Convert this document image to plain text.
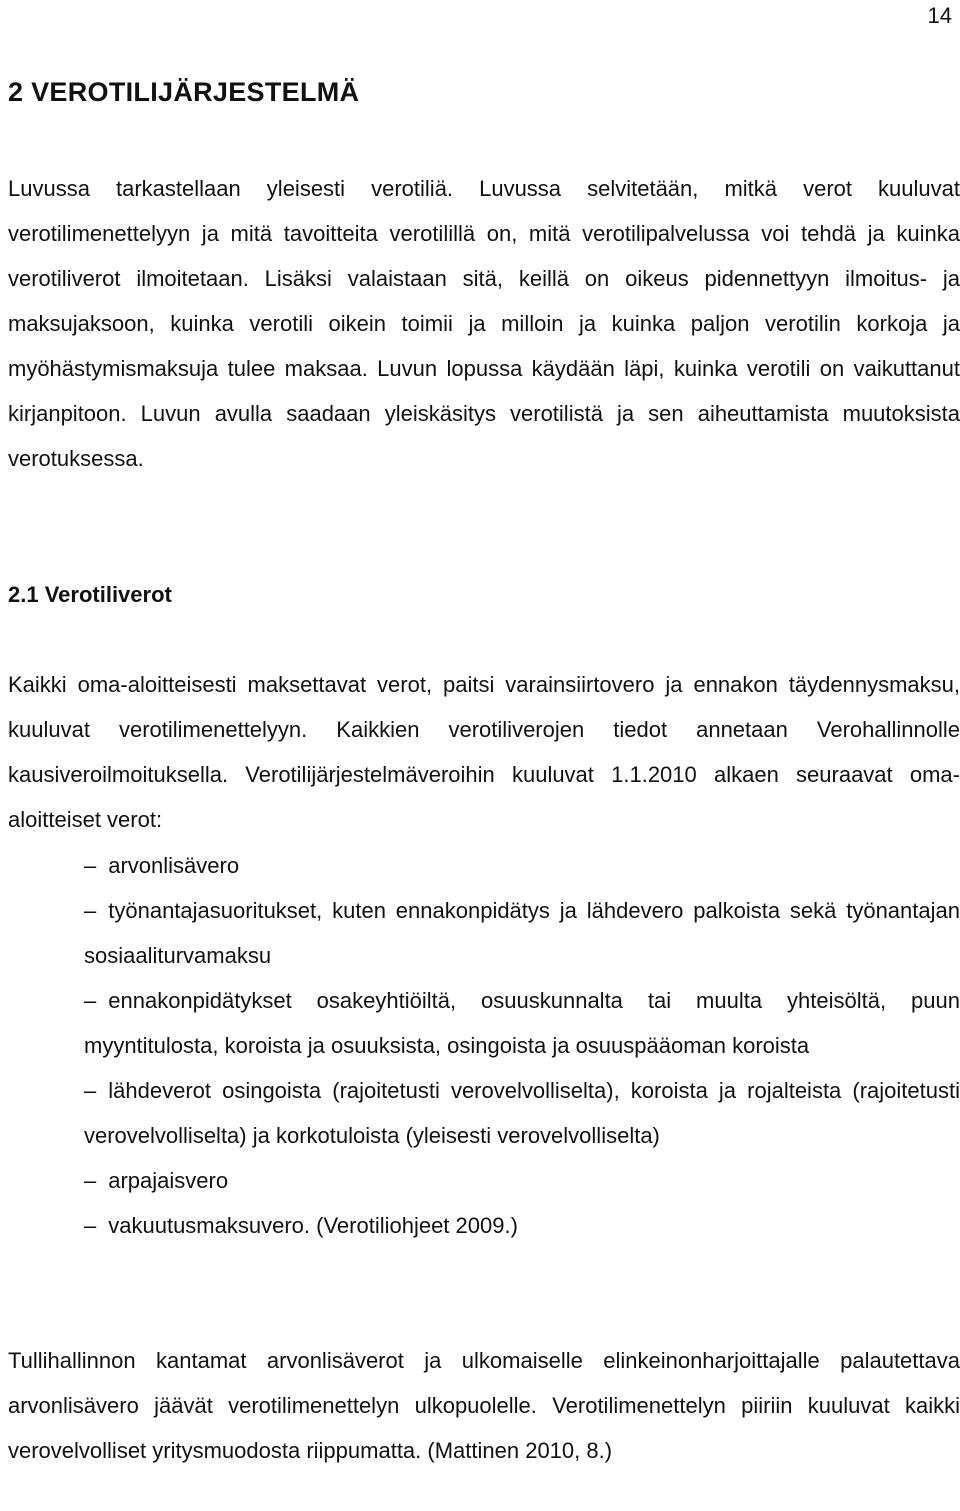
14
2 VEROTILIJÄRJESTELMÄ

Luvussa tarkastellaan yleisesti verotiliä. Luvussa selvitetään, mitkä verot kuuluvat verotilimenettelyyn ja mitä tavoitteita verotilillä on, mitä verotilipalvelussa voi tehdä ja kuinka verotiliverot ilmoitetaan. Lisäksi valaistaan sitä, keillä on oikeus pidennettyyn ilmoitus- ja maksujaksoon, kuinka verotili oikein toimii ja milloin ja kuinka paljon verotilin korkoja ja myöhästymismaksuja tulee maksaa. Luvun lopussa käydään läpi, kuinka verotili on vaikuttanut kirjanpitoon. Luvun avulla saadaan yleiskäsitys verotilistä ja sen aiheuttamista muutoksista verotuksessa.

2.1 Verotiliverot

Kaikki oma-aloitteisesti maksettavat verot, paitsi varainsiirtovero ja ennakon täydennysmaksu, kuuluvat verotilimenettelyyn. Kaikkien verotiliverojen tiedot annetaan Verohallinnolle kausiveroilmoituksella. Verotilijärjestelmäveroihin kuuluvat 1.1.2010 alkaen seuraavat oma-aloitteiset verot:

– arvonlisävero
– työnantajasuoritukset, kuten ennakonpidätys ja lähdevero palkoista sekä työnantajan sosiaaliturvamaksu
– ennakonpidätykset osakeyhtiöiltä, osuuskunnalta tai muulta yhteisöltä, puun myyntitulosta, koroista ja osuuksista, osingoista ja osuuspääoman koroista
– lähdeverot osingoista (rajoitetusti verovelvolliselta), koroista ja rojalteista (rajoitetusti verovelvolliselta) ja korkotuloista (yleisesti verovelvolliselta)
– arpajaisvero
– vakuutusmaksuvero. (Verotiliohjeet 2009.)

Tullihallinnon kantamat arvonlisäverot ja ulkomaiselle elinkeinonharjoittajalle palautettava arvonlisävero jäävät verotilimenettelyn ulkopuolelle. Verotilimenettelyn piiriin kuuluvat kaikki verovelvolliset yritysmuodosta riippumatta. (Mattinen 2010, 8.)
